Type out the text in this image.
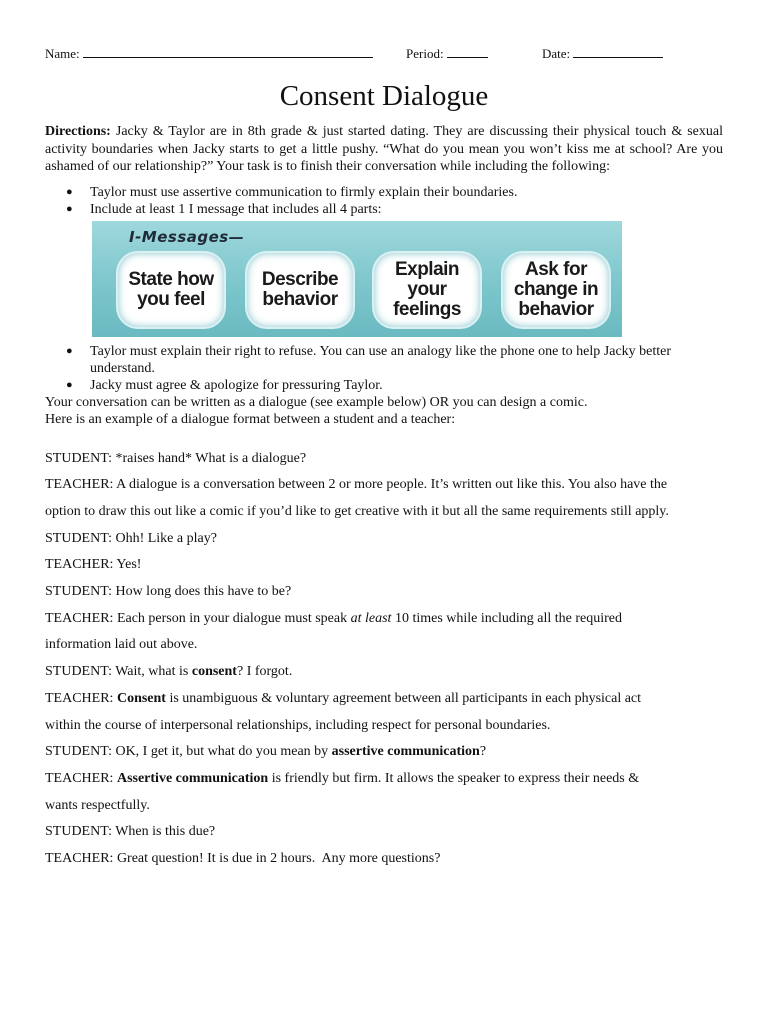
Name:	Period:	Date:
Consent Dialogue
Directions: Jacky & Taylor are in 8th grade & just started dating. They are discussing their physical touch & sexual activity boundaries when Jacky starts to get a little pushy. “What do you mean you won’t kiss me at school? Are you ashamed of our relationship?” Your task is to finish their conversation while including the following:
● Taylor must use assertive communication to firmly explain their boundaries.
● Include at least 1 I message that includes all 4 parts:
I-Messages—
State how
you feel
Describe
behavior
Explain
your
feelings
Ask for
change in
behavior
● Taylor must explain their right to refuse. You can use an analogy like the phone one to help Jacky better understand.
● Jacky must agree & apologize for pressuring Taylor.

Your conversation can be written as a dialogue (see example below) OR you can design a comic.

Here is an example of a dialogue format between a student and a teacher:

STUDENT: *raises hand* What is a dialogue?
TEACHER: A dialogue is a conversation between 2 or more people. It’s written out like this. You also have the
option to draw this out like a comic if you’d like to get creative with it but all the same requirements still apply.
STUDENT: Ohh! Like a play?
TEACHER: Yes!
STUDENT: How long does this have to be?
TEACHER: Each person in your dialogue must speak at least 10 times while including all the required
information laid out above.
STUDENT: Wait, what is consent? I forgot.
TEACHER: Consent is unambiguous & voluntary agreement between all participants in each physical act
within the course of interpersonal relationships, including respect for personal boundaries.
STUDENT: OK, I get it, but what do you mean by assertive communication?
TEACHER: Assertive communication is friendly but firm. It allows the speaker to express their needs &
wants respectfully.
STUDENT: When is this due?
TEACHER: Great question! It is due in 2 hours.  Any more questions?
